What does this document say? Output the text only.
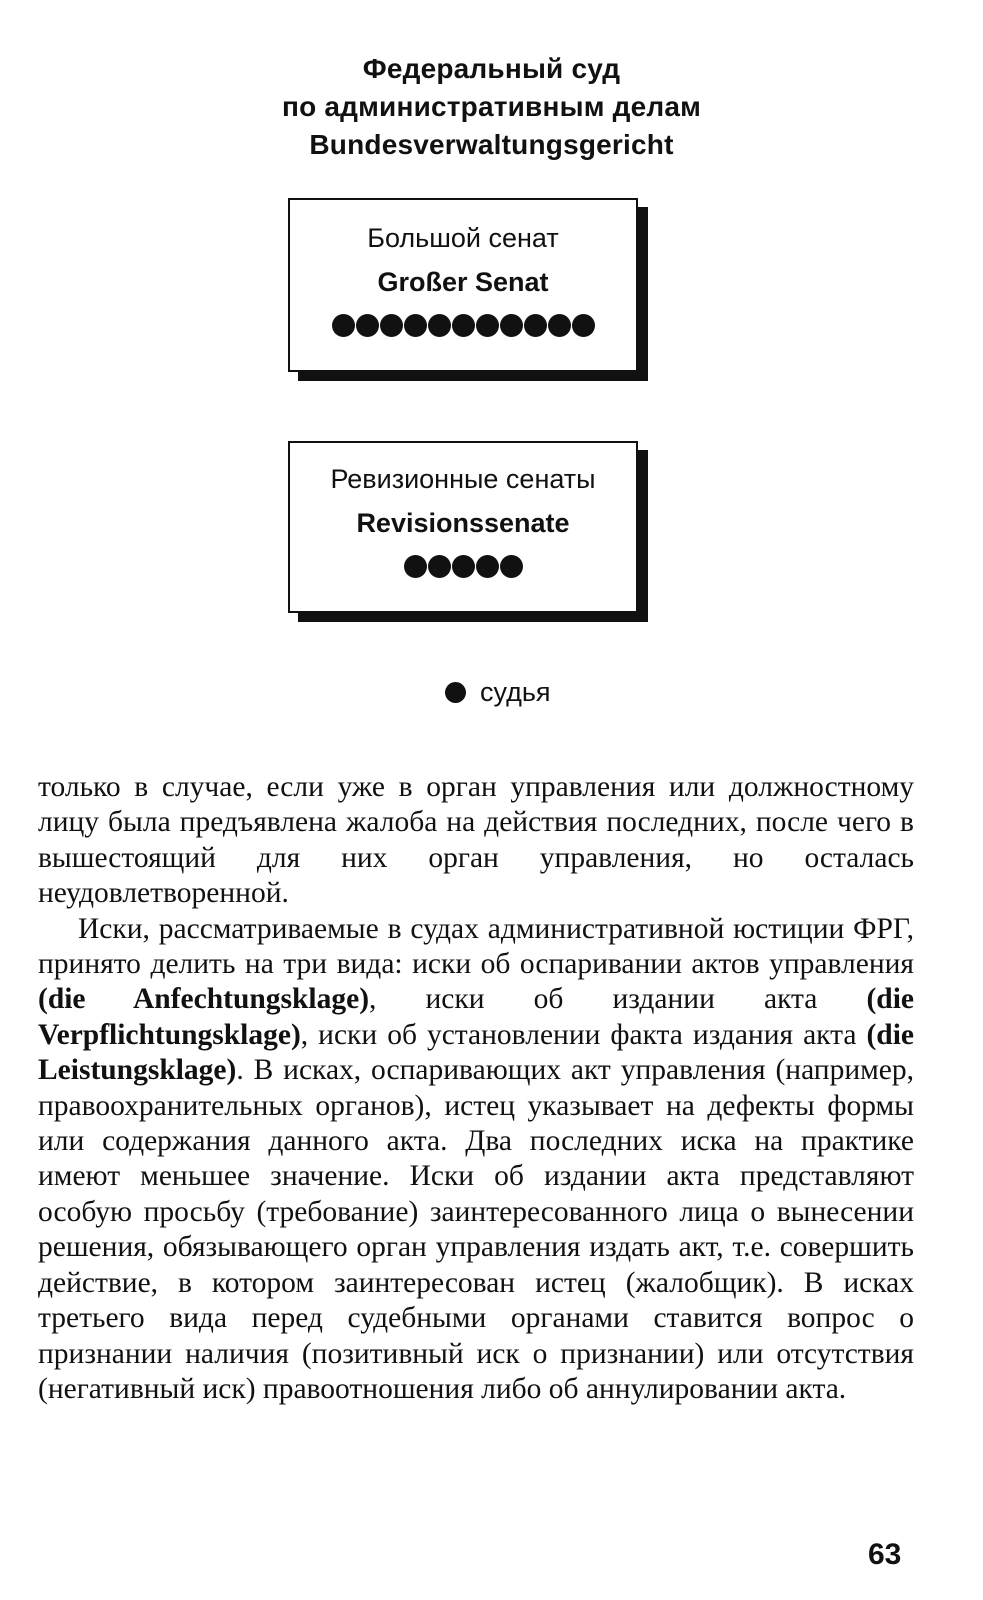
Федеральный суд
по административным делам
Bundesverwaltungsgericht
Большой сенат
Großer Senat
Ревизионные сенаты
Revisionssenate
судья

только в случае, если уже в орган управления или должностному лицу была предъявлена жалоба на действия последних, после чего в вышестоящий для них орган управления, но осталась неудовлетворенной.

Иски, рассматриваемые в судах административной юстиции ФРГ, принято делить на три вида: иски об оспаривании актов управления (die Anfechtungsklage), иски об издании акта (die Verpflichtungsklage), иски об установлении факта издания акта (die Leistungsklage). В исках, оспаривающих акт управления (например, правоохранительных органов), истец указывает на дефекты формы или содержания данного акта. Два последних иска на практике имеют меньшее значение. Иски об издании акта представляют особую просьбу (требование) заинтересованного лица о вынесении решения, обязывающего орган управления издать акт, т.е. совершить действие, в котором заинтересован истец (жалобщик). В исках третьего вида перед судебными органами ставится вопрос о признании наличия (позитивный иск о признании) или отсутствия (негативный иск) правоотношения либо об аннулировании акта.

63
